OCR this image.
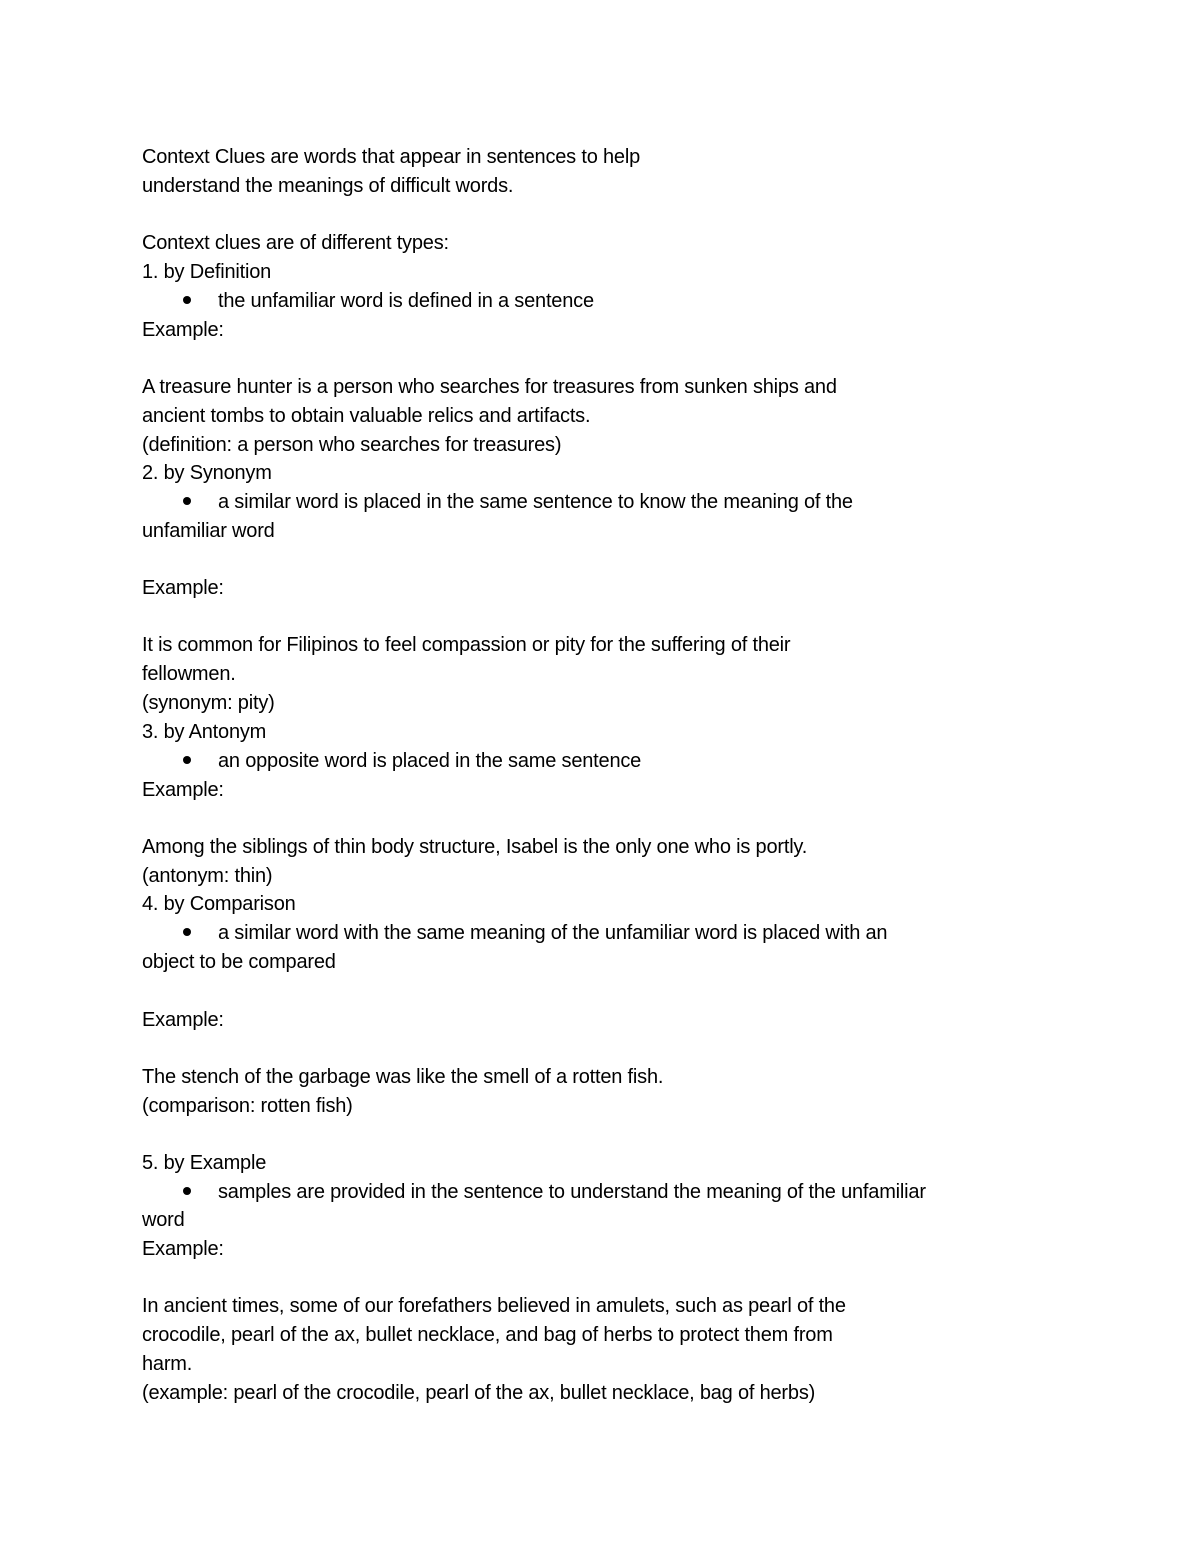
Context Clues are words that appear in sentences to help
understand the meanings of difficult words.
Context clues are of different types:
1. by Definition
the unfamiliar word is defined in a sentence
Example:
A treasure hunter is a person who searches for treasures from sunken ships and
ancient tombs to obtain valuable relics and artifacts.
(definition: a person who searches for treasures)
2. by Synonym
a similar word is placed in the same sentence to know the meaning of the
unfamiliar word
Example:
It is common for Filipinos to feel compassion or pity for the suffering of their
fellowmen.
(synonym: pity)
3. by Antonym
an opposite word is placed in the same sentence
Example:
Among the siblings of thin body structure, Isabel is the only one who is portly.
(antonym: thin)
4. by Comparison
a similar word with the same meaning of the unfamiliar word is placed with an
object to be compared
Example:
The stench of the garbage was like the smell of a rotten fish.
(comparison: rotten fish)
5. by Example
samples are provided in the sentence to understand the meaning of the unfamiliar
word
Example:
In ancient times, some of our forefathers believed in amulets, such as pearl of the
crocodile, pearl of the ax, bullet necklace, and bag of herbs to protect them from
harm.
(example: pearl of the crocodile, pearl of the ax, bullet necklace, bag of herbs)
